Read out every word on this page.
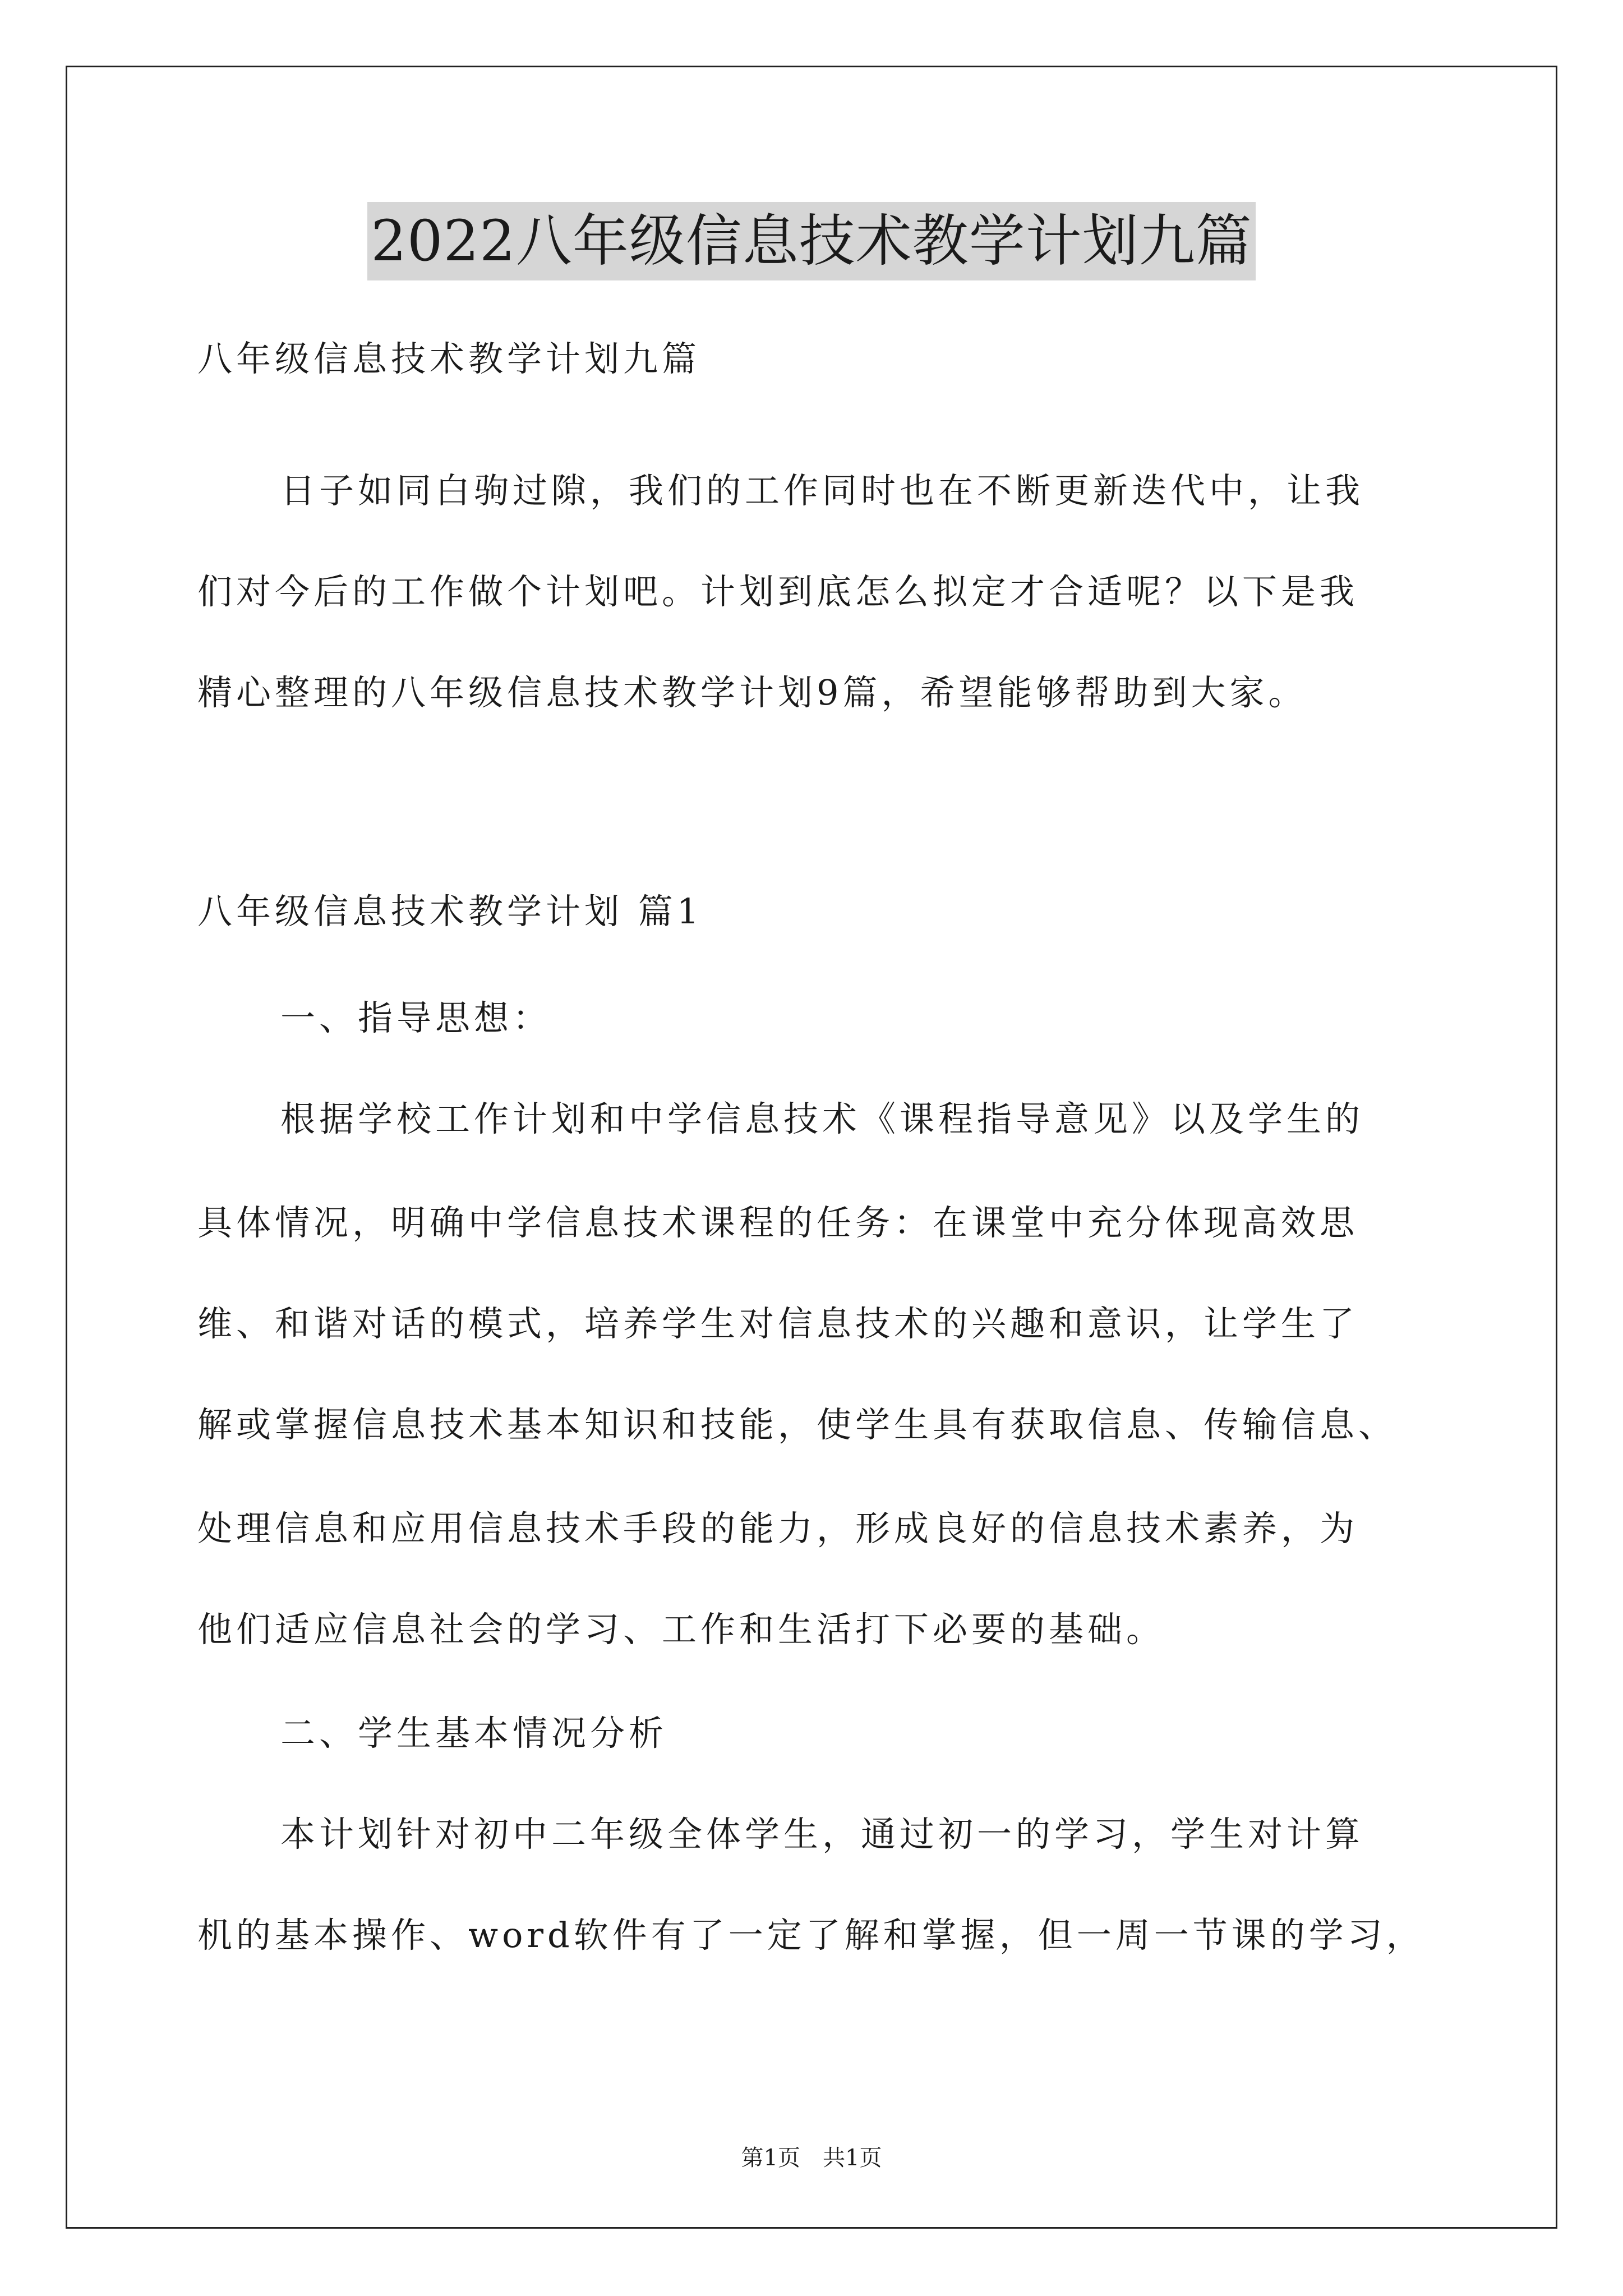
2022八年级信息技术教学计划九篇
八年级信息技术教学计划九篇
日子如同白驹过隙，我们的工作同时也在不断更新迭代中，让我
们对今后的工作做个计划吧。计划到底怎么拟定才合适呢？以下是我
精心整理的八年级信息技术教学计划9篇，希望能够帮助到大家。
八年级信息技术教学计划 篇1
一、指导思想：
根据学校工作计划和中学信息技术《课程指导意见》以及学生的
具体情况，明确中学信息技术课程的任务：在课堂中充分体现高效思
维、和谐对话的模式，培养学生对信息技术的兴趣和意识，让学生了
解或掌握信息技术基本知识和技能，使学生具有获取信息、传输信息、
处理信息和应用信息技术手段的能力，形成良好的信息技术素养，为
他们适应信息社会的学习、工作和生活打下必要的基础。
二、学生基本情况分析
本计划针对初中二年级全体学生，通过初一的学习，学生对计算
机的基本操作、word软件有了一定了解和掌握，但一周一节课的学习，
第1页 共1页
